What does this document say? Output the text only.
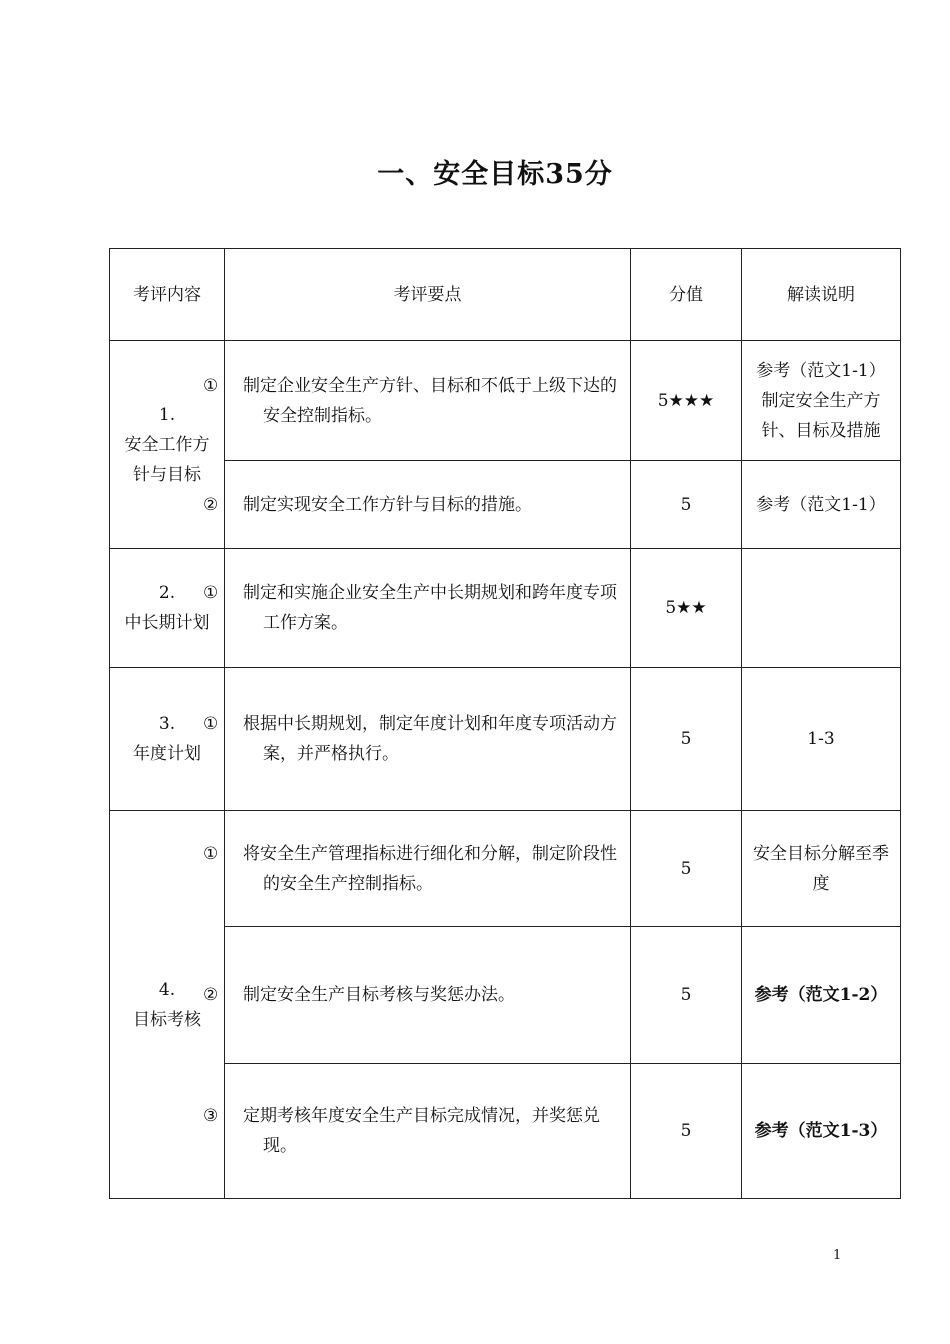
一、安全目标35分
考评内容	考评要点	分值	解读说明

1.
安全工作方针与目标	① 制定企业安全生产方针、目标和不低于上级下达的安全控制指标。	5★★★	参考（范文1-1）制定安全生产方针、目标及措施

	② 制定实现安全工作方针与目标的措施。	5	参考（范文1-1）

2.
中长期计划	① 制定和实施企业安全生产中长期规划和跨年度专项工作方案。	5★★	

3.
年度计划	① 根据中长期规划，制定年度计划和年度专项活动方案，并严格执行。	5	1-3

4.
目标考核	① 将安全生产管理指标进行细化和分解，制定阶段性的安全生产控制指标。	5	安全目标分解至季度

	② 制定安全生产目标考核与奖惩办法。	5	参考（范文1-2）

	③ 定期考核年度安全生产目标完成情况，并奖惩兑现。	5	参考（范文1-3）
1
